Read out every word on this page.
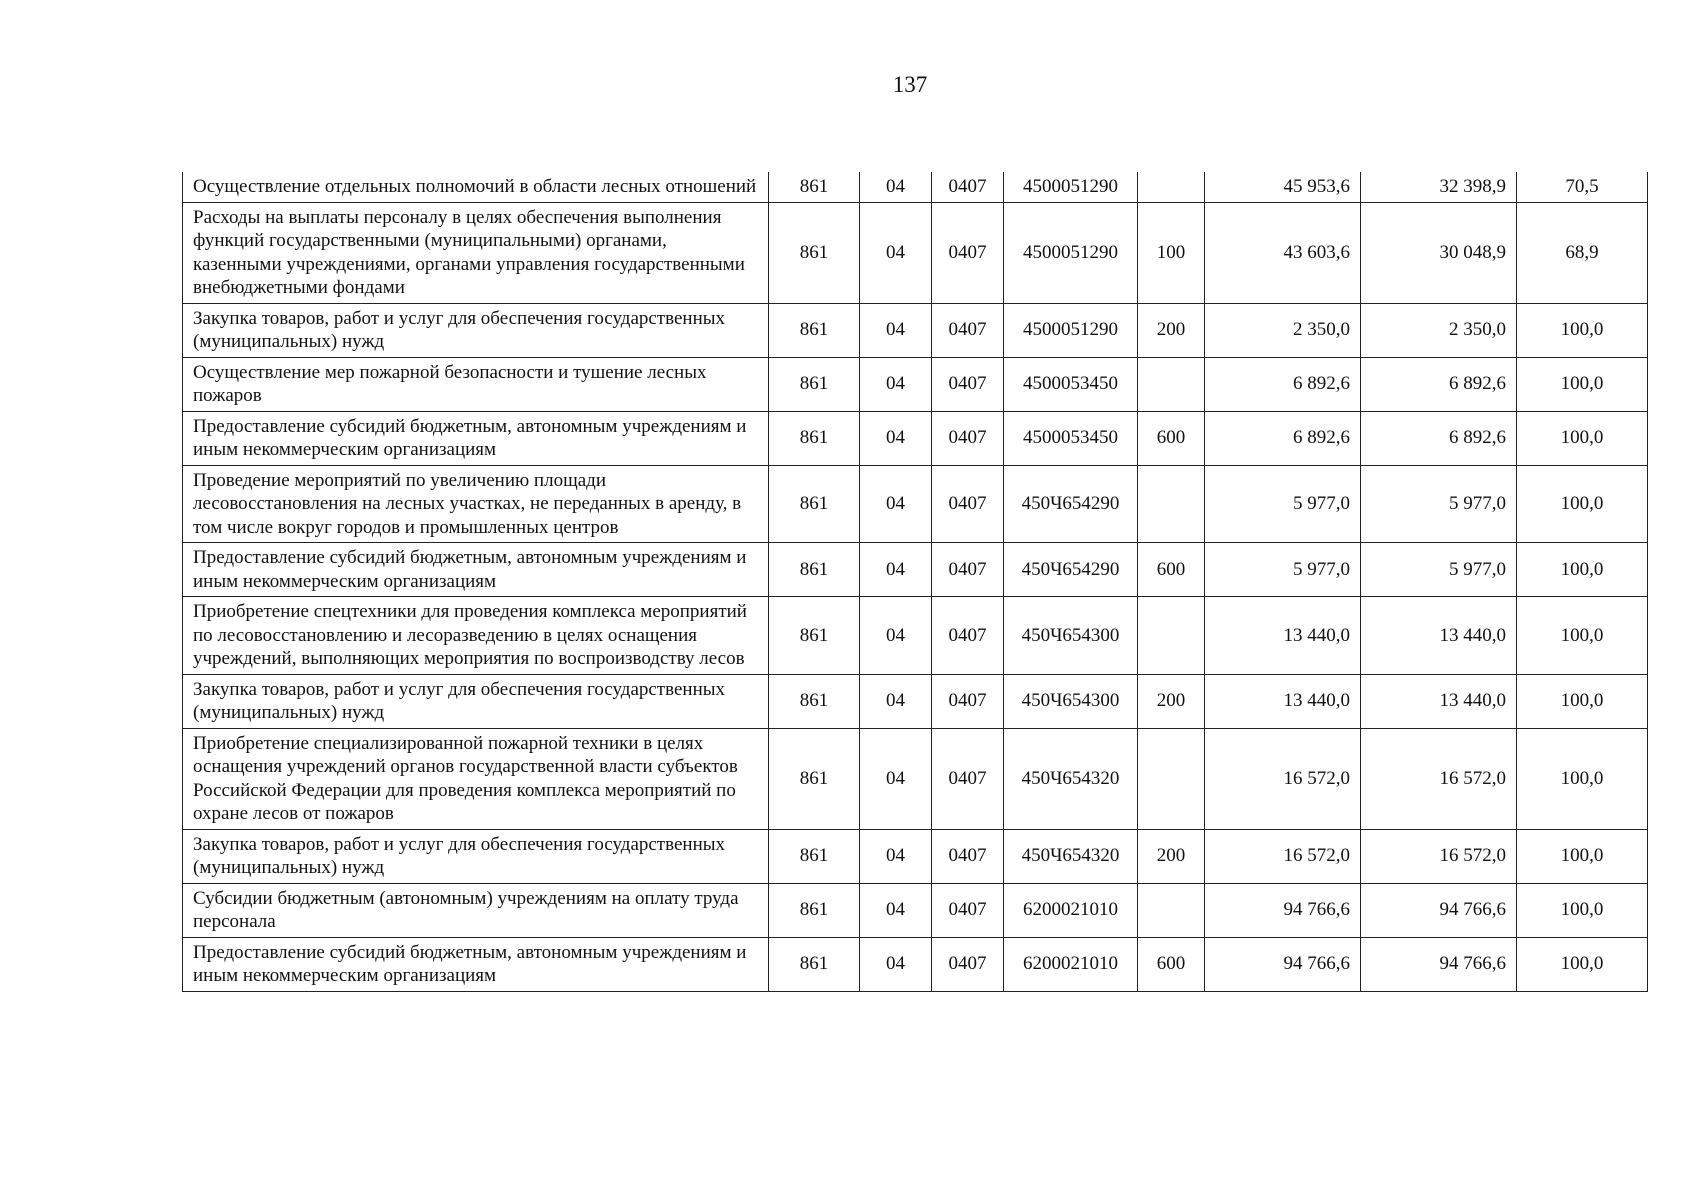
137
Осуществление отдельных полномочий в области лесных отношений	861	04	0407	4500051290		45 953,6	32 398,9	70,5
Расходы на выплаты персоналу в целях обеспечения выполнения функций государственными (муниципальными) органами, казенными учреждениями, органами управления государственными внебюджетными фондами	861	04	0407	4500051290	100	43 603,6	30 048,9	68,9
Закупка товаров, работ и услуг для обеспечения государственных (муниципальных) нужд	861	04	0407	4500051290	200	2 350,0	2 350,0	100,0
Осуществление мер пожарной безопасности и тушение лесных пожаров	861	04	0407	4500053450		6 892,6	6 892,6	100,0
Предоставление субсидий бюджетным, автономным учреждениям и иным некоммерческим организациям	861	04	0407	4500053450	600	6 892,6	6 892,6	100,0
Проведение мероприятий по увеличению площади лесовосстановления на лесных участках, не переданных в аренду, в том числе вокруг городов и промышленных центров	861	04	0407	450Ч654290		5 977,0	5 977,0	100,0
Предоставление субсидий бюджетным, автономным учреждениям и иным некоммерческим организациям	861	04	0407	450Ч654290	600	5 977,0	5 977,0	100,0
Приобретение спецтехники для проведения комплекса мероприятий по лесовосстановлению и лесоразведению в целях оснащения учреждений, выполняющих мероприятия по воспроизводству лесов	861	04	0407	450Ч654300		13 440,0	13 440,0	100,0
Закупка товаров, работ и услуг для обеспечения государственных (муниципальных) нужд	861	04	0407	450Ч654300	200	13 440,0	13 440,0	100,0
Приобретение специализированной пожарной техники в целях оснащения учреждений органов государственной власти субъектов Российской Федерации для проведения комплекса мероприятий по охране лесов от пожаров	861	04	0407	450Ч654320		16 572,0	16 572,0	100,0
Закупка товаров, работ и услуг для обеспечения государственных (муниципальных) нужд	861	04	0407	450Ч654320	200	16 572,0	16 572,0	100,0
Субсидии бюджетным (автономным) учреждениям на оплату труда персонала	861	04	0407	6200021010		94 766,6	94 766,6	100,0
Предоставление субсидий бюджетным, автономным учреждениям и иным некоммерческим организациям	861	04	0407	6200021010	600	94 766,6	94 766,6	100,0
